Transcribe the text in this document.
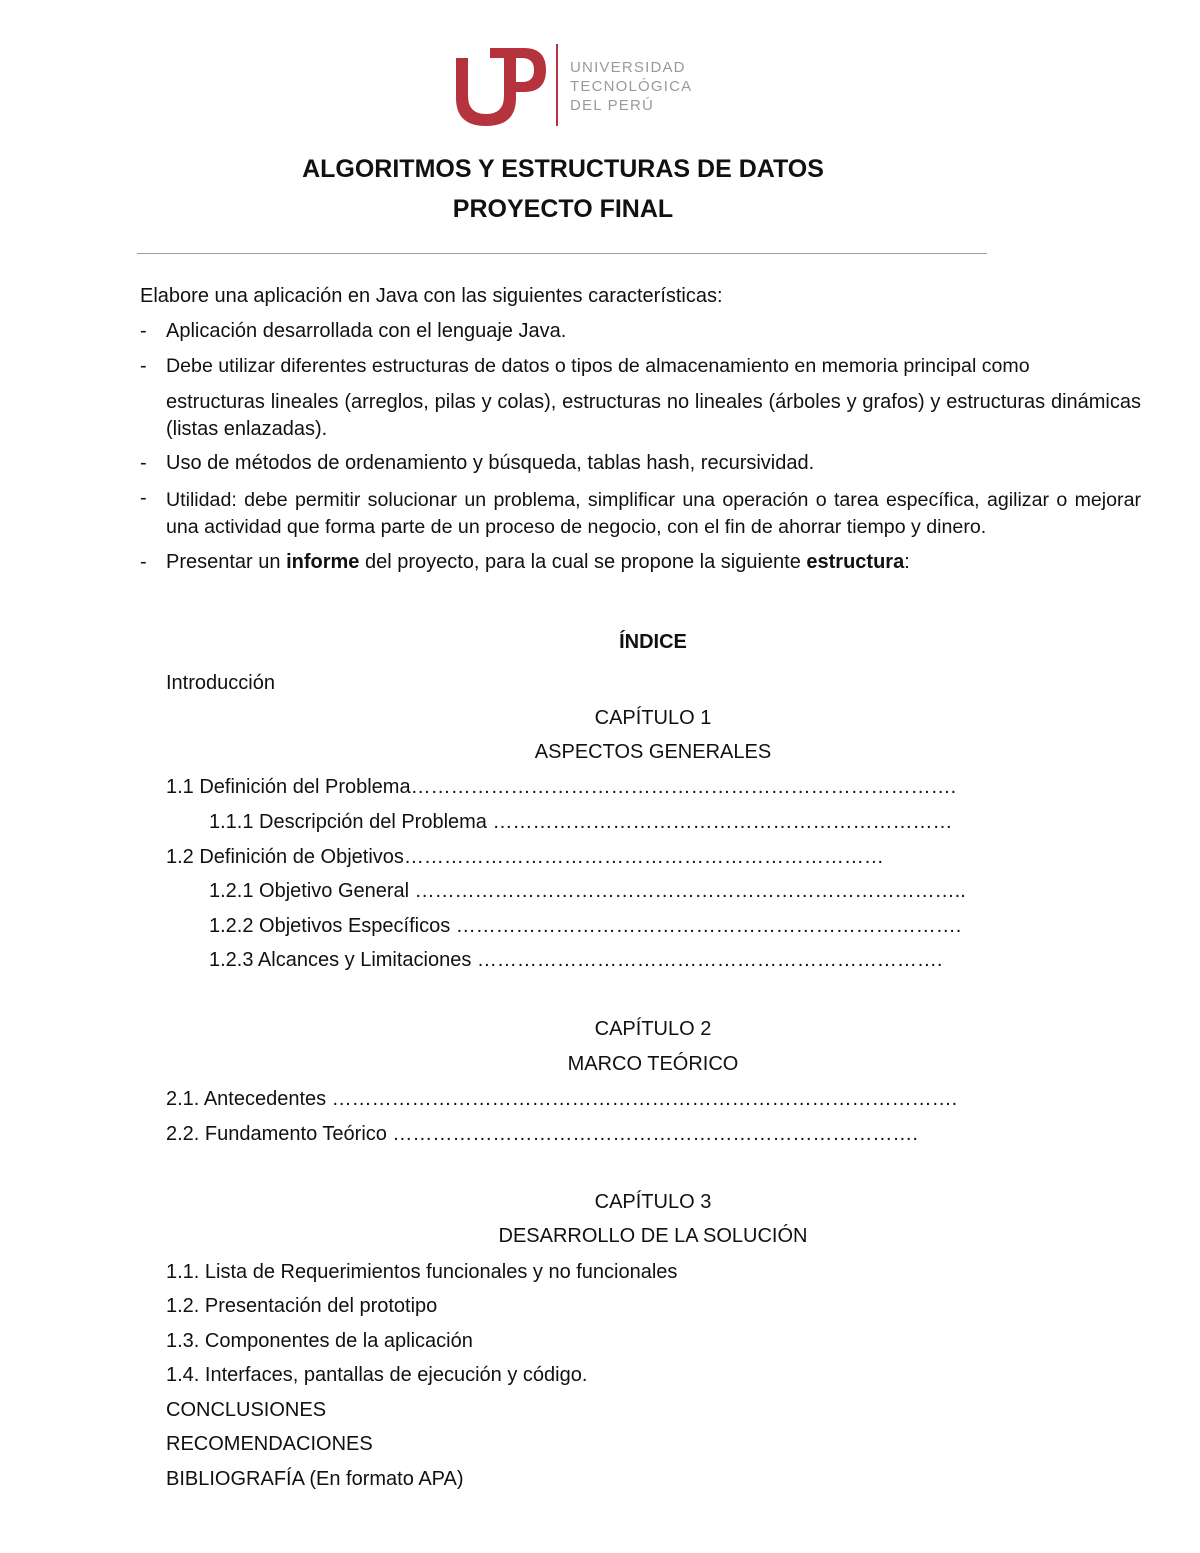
UNIVERSIDAD
TECNOLÓGICA
DEL PERÚ
ALGORITMOS Y ESTRUCTURAS DE DATOS
PROYECTO FINAL
Elabore una aplicación en Java con las siguientes características:
- Aplicación desarrollada con el lenguaje Java.
- Debe utilizar diferentes estructuras de datos o tipos de almacenamiento en memoria principal como
estructuras lineales (arreglos, pilas y colas), estructuras no lineales (árboles y grafos) y estructuras dinámicas (listas enlazadas).
- Uso de métodos de ordenamiento y búsqueda, tablas hash, recursividad.
- Utilidad: debe permitir solucionar un problema, simplificar una operación o tarea específica, agilizar o mejorar una actividad que forma parte de un proceso de negocio, con el fin de ahorrar tiempo y dinero.
- Presentar un informe del proyecto, para la cual se propone la siguiente estructura:
ÍNDICE
Introducción
CAPÍTULO 1
ASPECTOS GENERALES
1.1 Definición del Problema……………………………………………………………………….
1.1.1 Descripción del Problema ……………………………………………………………
1.2 Definición de Objetivos………………………………………………………………
1.2.1 Objetivo General ………………………………………………………………………..
1.2.2 Objetivos Específicos ………………………………………………………………….
1.2.3 Alcances y Limitaciones …………………………………………………………….
CAPÍTULO 2
MARCO TEÓRICO
2.1. Antecedentes ………………………………………………………………………………….
2.2. Fundamento Teórico …………………………………………………………………….
CAPÍTULO 3
DESARROLLO DE LA SOLUCIÓN
1.1. Lista de Requerimientos funcionales y no funcionales
1.2. Presentación del prototipo
1.3. Componentes de la aplicación
1.4. Interfaces, pantallas de ejecución y código.
CONCLUSIONES
RECOMENDACIONES
BIBLIOGRAFÍA (En formato APA)
